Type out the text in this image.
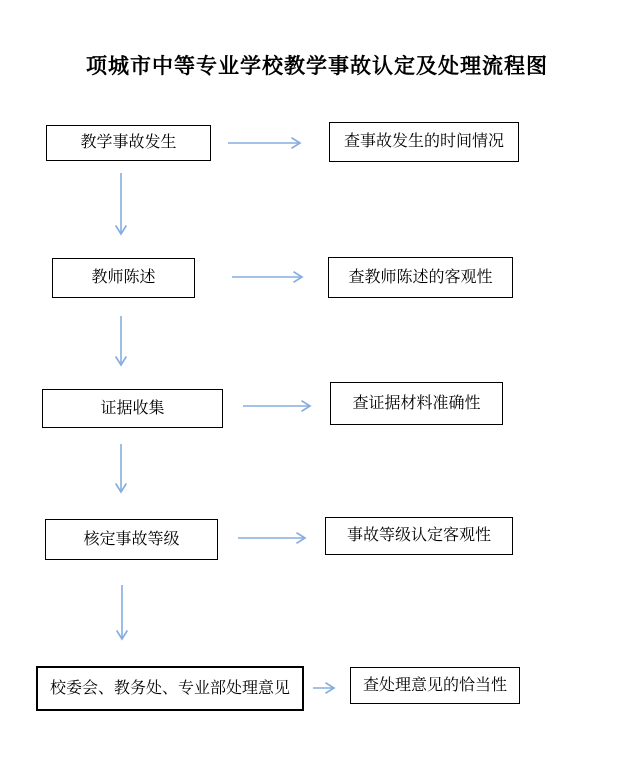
项城市中等专业学校教学事故认定及处理流程图
教学事故发生
教师陈述
证据收集
核定事故等级
校委会、教务处、专业部处理意见
查事故发生的时间情况
查教师陈述的客观性
查证据材料准确性
事故等级认定客观性
查处理意见的恰当性
